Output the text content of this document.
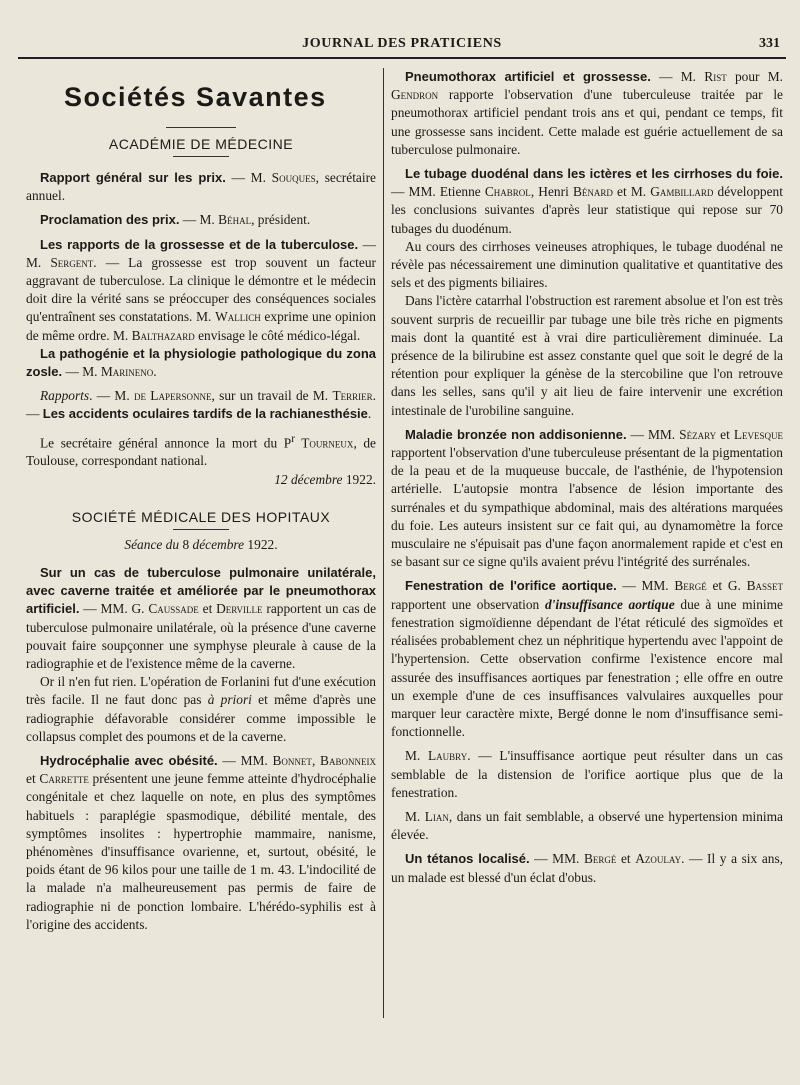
JOURNAL DES PRATICIENS	331
Sociétés Savantes
ACADÉMIE DE MÉDECINE

Rapport général sur les prix. — M. Souques, secrétaire annuel.

Proclamation des prix. — M. Béhal, président.

Les rapports de la grossesse et de la tuberculose. — M. Sergent. — La grossesse est trop souvent un facteur aggravant de tuberculose. La clinique le démontre et le médecin doit dire la vérité sans se préoccuper des conséquences sociales qu'entraînent ses constatations. M. Wallich exprime une opinion de même ordre. M. Balthazard envisage le côté médico-légal.

La pathogénie et la physiologie pathologique du zona zosle. — M. Marineno.

Rapports. — M. de Lapersonne, sur un travail de M. Terrier. — Les accidents oculaires tardifs de la rachianesthésie.

Le secrétaire général annonce la mort du $P^r$ Tourneux, de Toulouse, correspondant national.

12 décembre 1922.

SOCIÉTÉ MÉDICALE DES HOPITAUX

Séance du 8 décembre 1922.

Sur un cas de tuberculose pulmonaire unilatérale, avec caverne traitée et améliorée par le pneumothorax artificiel. — MM. G. Caussade et Derville rapportent un cas de tuberculose pulmonaire unilatérale, où la présence d'une caverne pouvait faire soupçonner une symphyse pleurale à cause de la radiographie et de l'existence même de la caverne.

Or il n'en fut rien. L'opération de Forlanini fut d'une exécution très facile. Il ne faut donc pas à priori et même d'après une radiographie défavorable considérer comme impossible le collapsus complet des poumons et de la caverne.

Hydrocéphalie avec obésité. — MM. Bonnet, Babonneix et Carrette présentent une jeune femme atteinte d'hydrocéphalie congénitale et chez laquelle on note, en plus des symptômes habituels : paraplégie spasmodique, débilité mentale, des symptômes insolites : hypertrophie mammaire, nanisme, phénomènes d'insuffisance ovarienne, et, surtout, obésité, le poids étant de 96 kilos pour une taille de 1 m. 43. L'indocilité de la malade n'a malheureusement pas permis de faire de radiographie ni de ponction lombaire. L'hérédo-syphilis est à l'origine des accidents.

Pneumothorax artificiel et grossesse. — M. Rist pour M. Gendron rapporte l'observation d'une tuberculeuse traitée par le pneumothorax artificiel pendant trois ans et qui, pendant ce temps, fit une grossesse sans incident. Cette malade est guérie actuellement de sa tuberculose pulmonaire.

Le tubage duodénal dans les ictères et les cirrhoses du foie. — MM. Etienne Chabrol, Henri Bénard et M. Gambillard développent les conclusions suivantes d'après leur statistique qui repose sur 70 tubages du duodénum.

Au cours des cirrhoses veineuses atrophiques, le tubage duodénal ne révèle pas nécessairement une diminution qualitative et quantitative des sels et des pigments biliaires.

Dans l'ictère catarrhal l'obstruction est rarement absolue et l'on est très souvent surpris de recueillir par tubage une bile très riche en pigments mais dont la quantité est à vrai dire particulièrement diminuée. La présence de la bilirubine est assez constante quel que soit le degré de la rétention pour expliquer la génèse de la stercobiline que l'on retrouve dans les selles, sans qu'il y ait lieu de faire intervenir une excrétion intestinale de l'urobiline sanguine.

Maladie bronzée non addisonienne. — MM. Sézary et Levesque rapportent l'observation d'une tuberculeuse présentant de la pigmentation de la peau et de la muqueuse buccale, de l'asthénie, de l'hypotension artérielle. L'autopsie montra l'absence de lésion importante des surrénales et du sympathique abdominal, mais des altérations marquées du foie. Les auteurs insistent sur ce fait qui, au dynamomètre la force musculaire ne s'épuisait pas d'une façon anormalement rapide et c'est en se basant sur ce signe qu'ils avaient prévu l'intégrité des surrénales.

Fenestration de l'orifice aortique. — MM. Bergé et G. Basset rapportent une observation d'insuffisance aortique due à une minime fenestration sigmoïdienne dépendant de l'état réticulé des sigmoïdes et réalisées probablement chez un néphritique hypertendu avec l'appoint de l'hypertension. Cette observation confirme l'existence encore mal assurée des insuffisances aortiques par fenestration ; elle offre en outre un exemple d'une de ces insuffisances valvulaires auxquelles pour marquer leur caractère mixte, Bergé donne le nom d'insuffisance semi-fonctionnelle.

M. Laubry. — L'insuffisance aortique peut résulter dans un cas semblable de la distension de l'orifice aortique plus que de la fenestration.

M. Lian, dans un fait semblable, a observé une hypertension minima élevée.

Un tétanos localisé. — MM. Bergé et Azoulay. — Il y a six ans, un malade est blessé d'un éclat d'obus.
